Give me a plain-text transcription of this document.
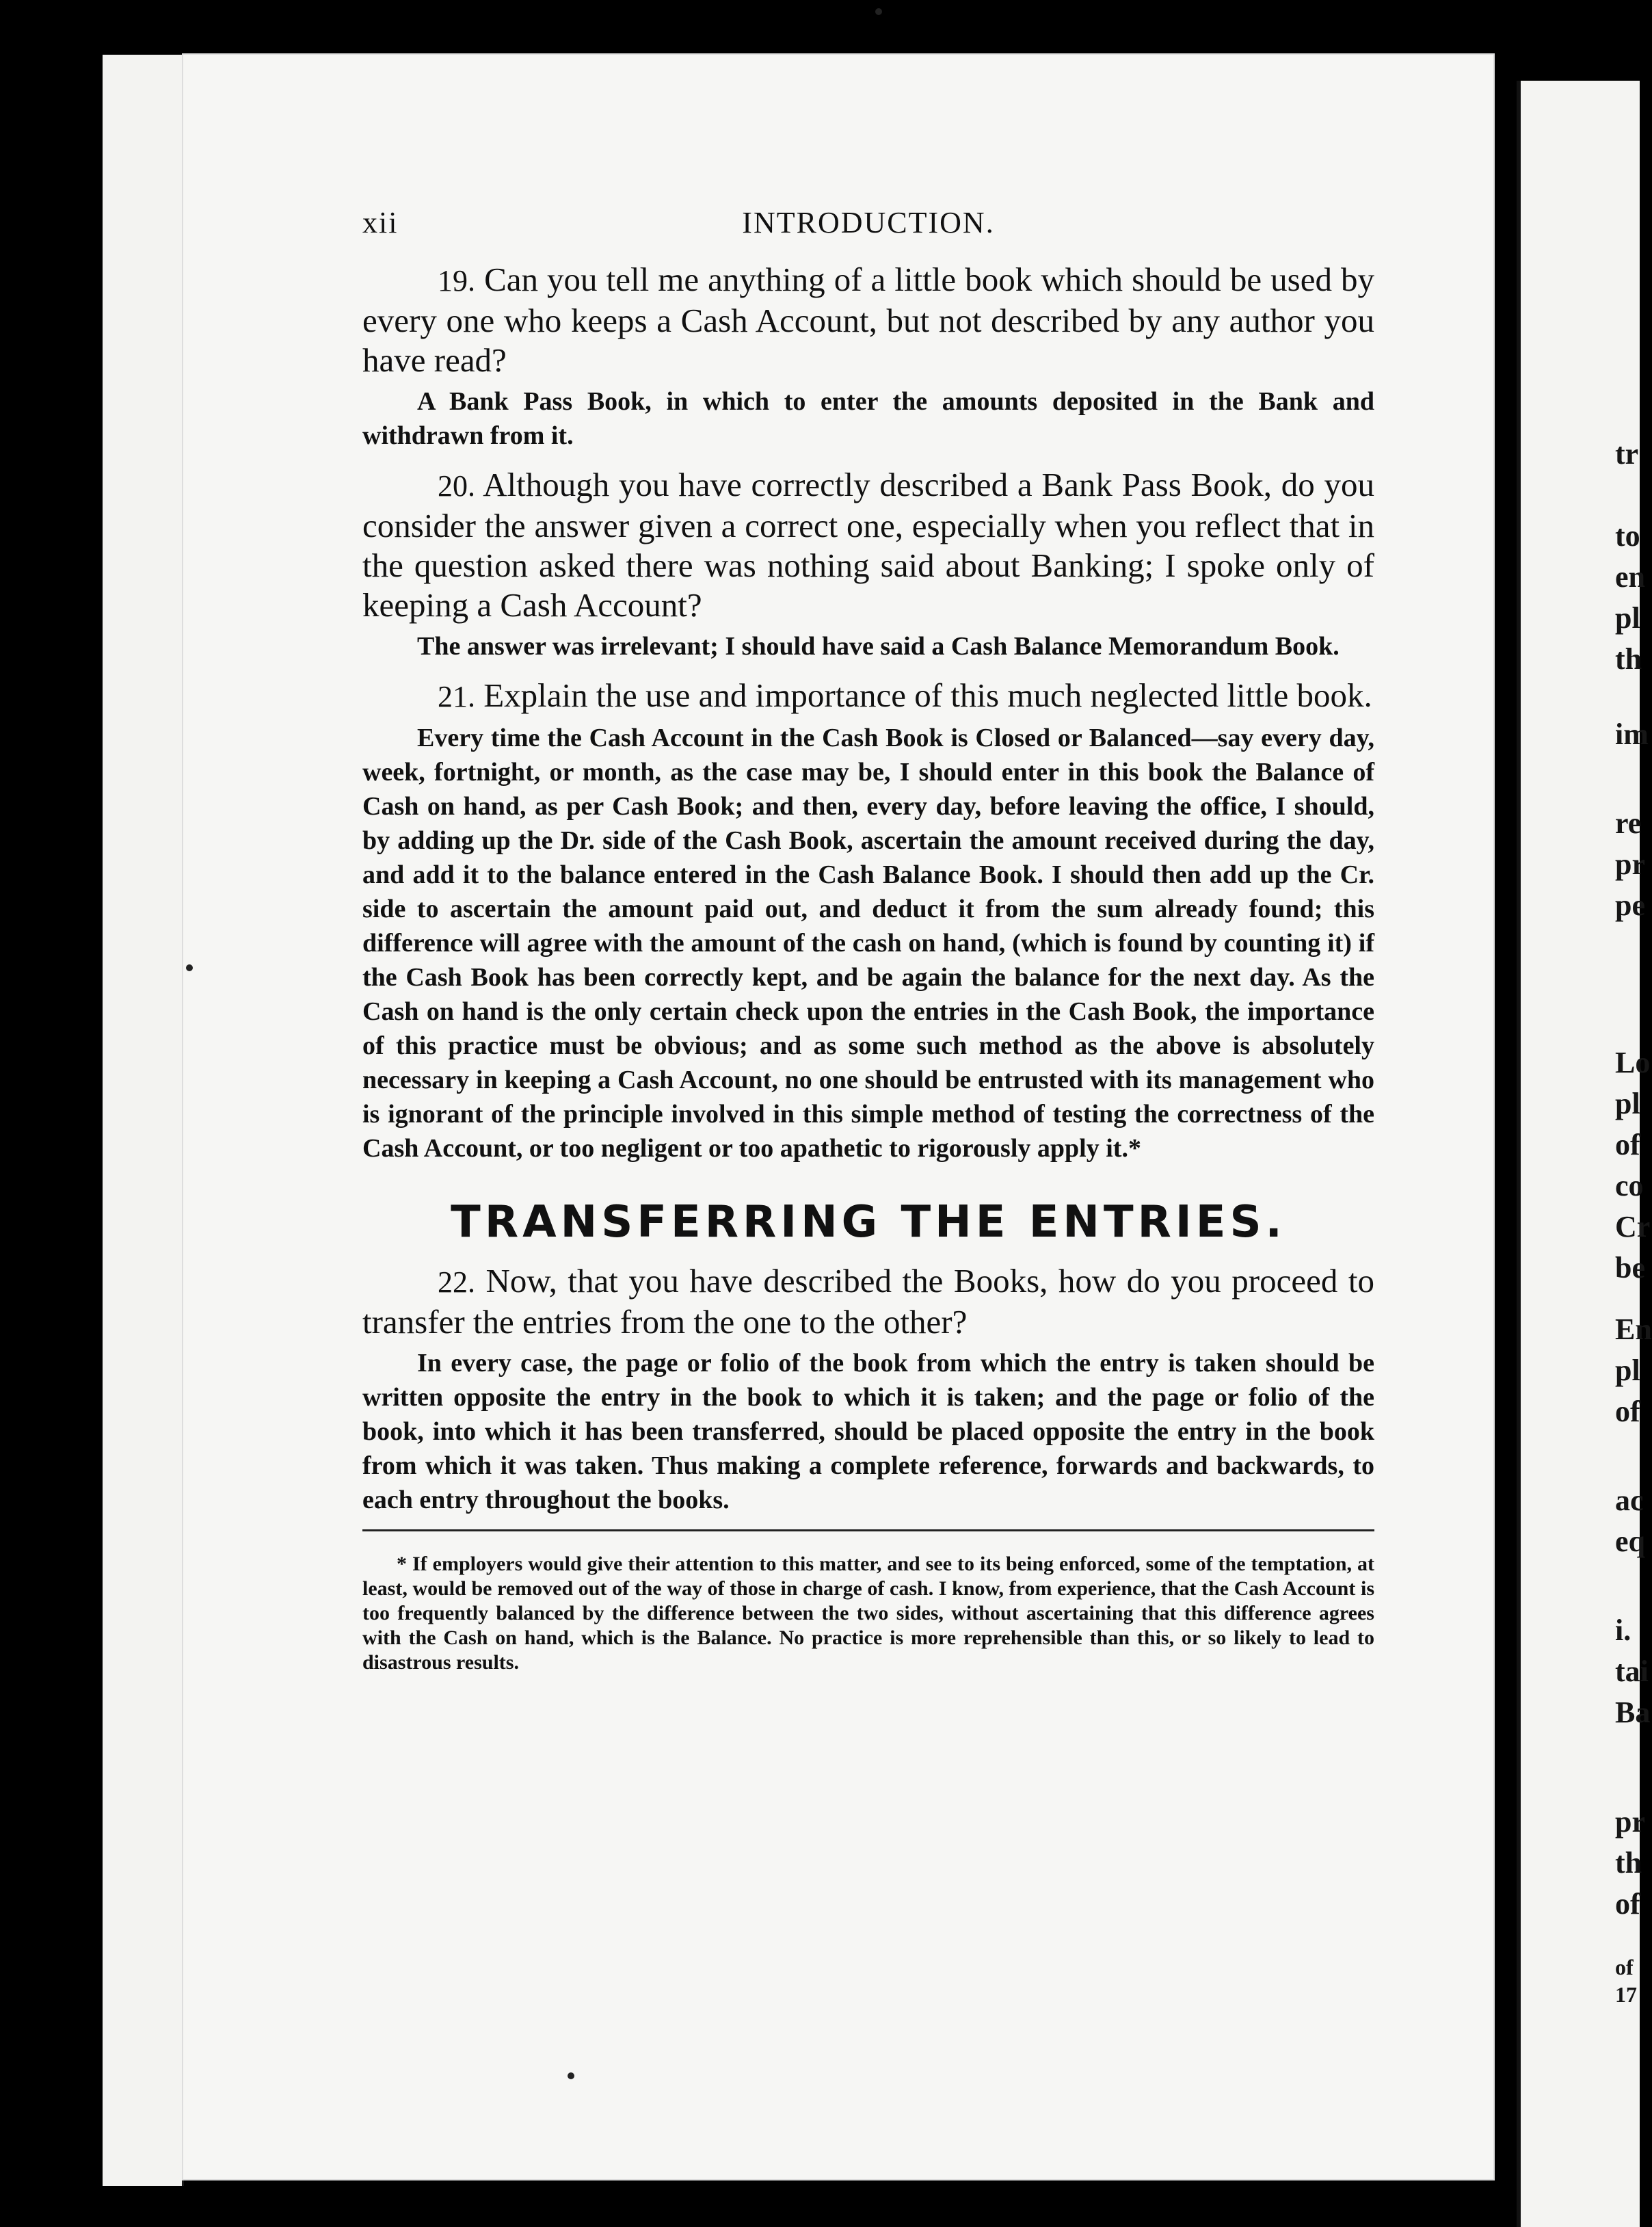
tr
to
en
pl
th
im
re
pr
pe
Lo
pl
of
co
Cr
be
En
pl
of
ac
eq
i.
tai
Ba
pr
th
of
of
17
xii	INTRODUCTION.

19. Can you tell me anything of a little book which should be used by every one who keeps a Cash Account, but not described by any author you have read?

A Bank Pass Book, in which to enter the amounts deposited in the Bank and withdrawn from it.

20. Although you have correctly described a Bank Pass Book, do you consider the answer given a correct one, especially when you reflect that in the question asked there was nothing said about Banking; I spoke only of keeping a Cash Account?

The answer was irrelevant; I should have said a Cash Balance Memorandum Book.

21. Explain the use and importance of this much neglected little book.

Every time the Cash Account in the Cash Book is Closed or Balanced—say every day, week, fortnight, or month, as the case may be, I should enter in this book the Balance of Cash on hand, as per Cash Book; and then, every day, before leaving the office, I should, by adding up the Dr. side of the Cash Book, ascertain the amount received during the day, and add it to the balance entered in the Cash Balance Book. I should then add up the Cr. side to ascertain the amount paid out, and deduct it from the sum already found; this difference will agree with the amount of the cash on hand, (which is found by counting it) if the Cash Book has been correctly kept, and be again the balance for the next day. As the Cash on hand is the only certain check upon the entries in the Cash Book, the importance of this practice must be obvious; and as some such method as the above is absolutely necessary in keeping a Cash Account, no one should be entrusted with its management who is ignorant of the principle involved in this simple method of testing the correctness of the Cash Account, or too negligent or too apathetic to rigorously apply it.*

TRANSFERRING THE ENTRIES.

22. Now, that you have described the Books, how do you proceed to transfer the entries from the one to the other?

In every case, the page or folio of the book from which the entry is taken should be written opposite the entry in the book to which it is taken; and the page or folio of the book, into which it has been transferred, should be placed opposite the entry in the book from which it was taken. Thus making a complete reference, forwards and backwards, to each entry throughout the books.

* If employers would give their attention to this matter, and see to its being enforced, some of the temptation, at least, would be removed out of the way of those in charge of cash. I know, from experience, that the Cash Account is too frequently balanced by the difference between the two sides, without ascertaining that this difference agrees with the Cash on hand, which is the Balance. No practice is more reprehensible than this, or so likely to lead to disastrous results.
